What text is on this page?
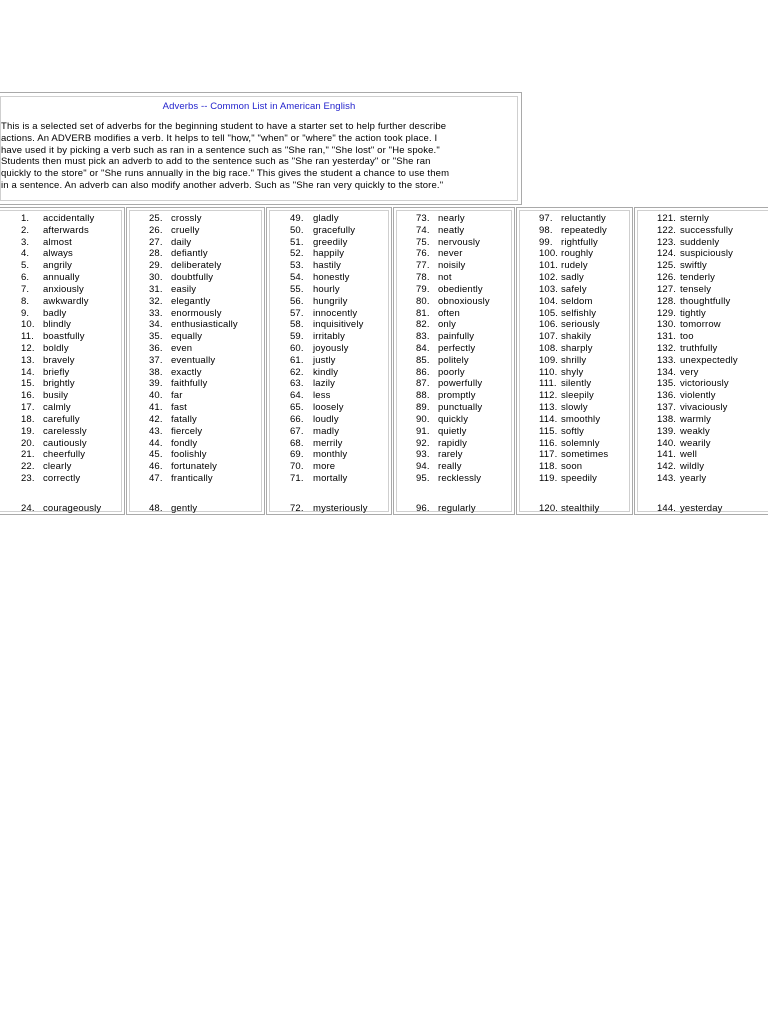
Adverbs -- Common List in American English
This is a selected set of adverbs for the beginning student to have a starter set to help further describe
actions. An ADVERB modifies a verb. It helps to tell "how," "when" or "where" the action took place. I
have used it by picking a verb such as ran in a sentence such as "She ran," "She lost" or "He spoke."
Students then must pick an adverb to add to the sentence such as "She ran yesterday" or "She ran
quickly to the store" or "She runs annually in the big race." This gives the student a chance to use them
in a sentence. An adverb can also modify another adverb. Such as "She ran very quickly to the store."
1. accidentally
2. afterwards
3. almost
4. always
5. angrily
6. annually
7. anxiously
8. awkwardly
9. badly
10. blindly
11. boastfully
12. boldly
13. bravely
14. briefly
15. brightly
16. busily
17. calmly
18. carefully
19. carelessly
20. cautiously
21. cheerfully
22. clearly
23. correctly
24. courageously
25. crossly
26. cruelly
27. daily
28. defiantly
29. deliberately
30. doubtfully
31. easily
32. elegantly
33. enormously
34. enthusiastically
35. equally
36. even
37. eventually
38. exactly
39. faithfully
40. far
41. fast
42. fatally
43. fiercely
44. fondly
45. foolishly
46. fortunately
47. frantically
48. gently
49. gladly
50. gracefully
51. greedily
52. happily
53. hastily
54. honestly
55. hourly
56. hungrily
57. innocently
58. inquisitively
59. irritably
60. joyously
61. justly
62. kindly
63. lazily
64. less
65. loosely
66. loudly
67. madly
68. merrily
69. monthly
70. more
71. mortally
72. mysteriously
73. nearly
74. neatly
75. nervously
76. never
77. noisily
78. not
79. obediently
80. obnoxiously
81. often
82. only
83. painfully
84. perfectly
85. politely
86. poorly
87. powerfully
88. promptly
89. punctually
90. quickly
91. quietly
92. rapidly
93. rarely
94. really
95. recklessly
96. regularly
97. reluctantly
98. repeatedly
99. rightfully
100. roughly
101. rudely
102. sadly
103. safely
104. seldom
105. selfishly
106. seriously
107. shakily
108. sharply
109. shrilly
110. shyly
111. silently
112. sleepily
113. slowly
114. smoothly
115. softly
116. solemnly
117. sometimes
118. soon
119. speedily
120. stealthily
121. sternly
122. successfully
123. suddenly
124. suspiciously
125. swiftly
126. tenderly
127. tensely
128. thoughtfully
129. tightly
130. tomorrow
131. too
132. truthfully
133. unexpectedly
134. very
135. victoriously
136. violently
137. vivaciously
138. warmly
139. weakly
140. wearily
141. well
142. wildly
143. yearly
144. yesterday
